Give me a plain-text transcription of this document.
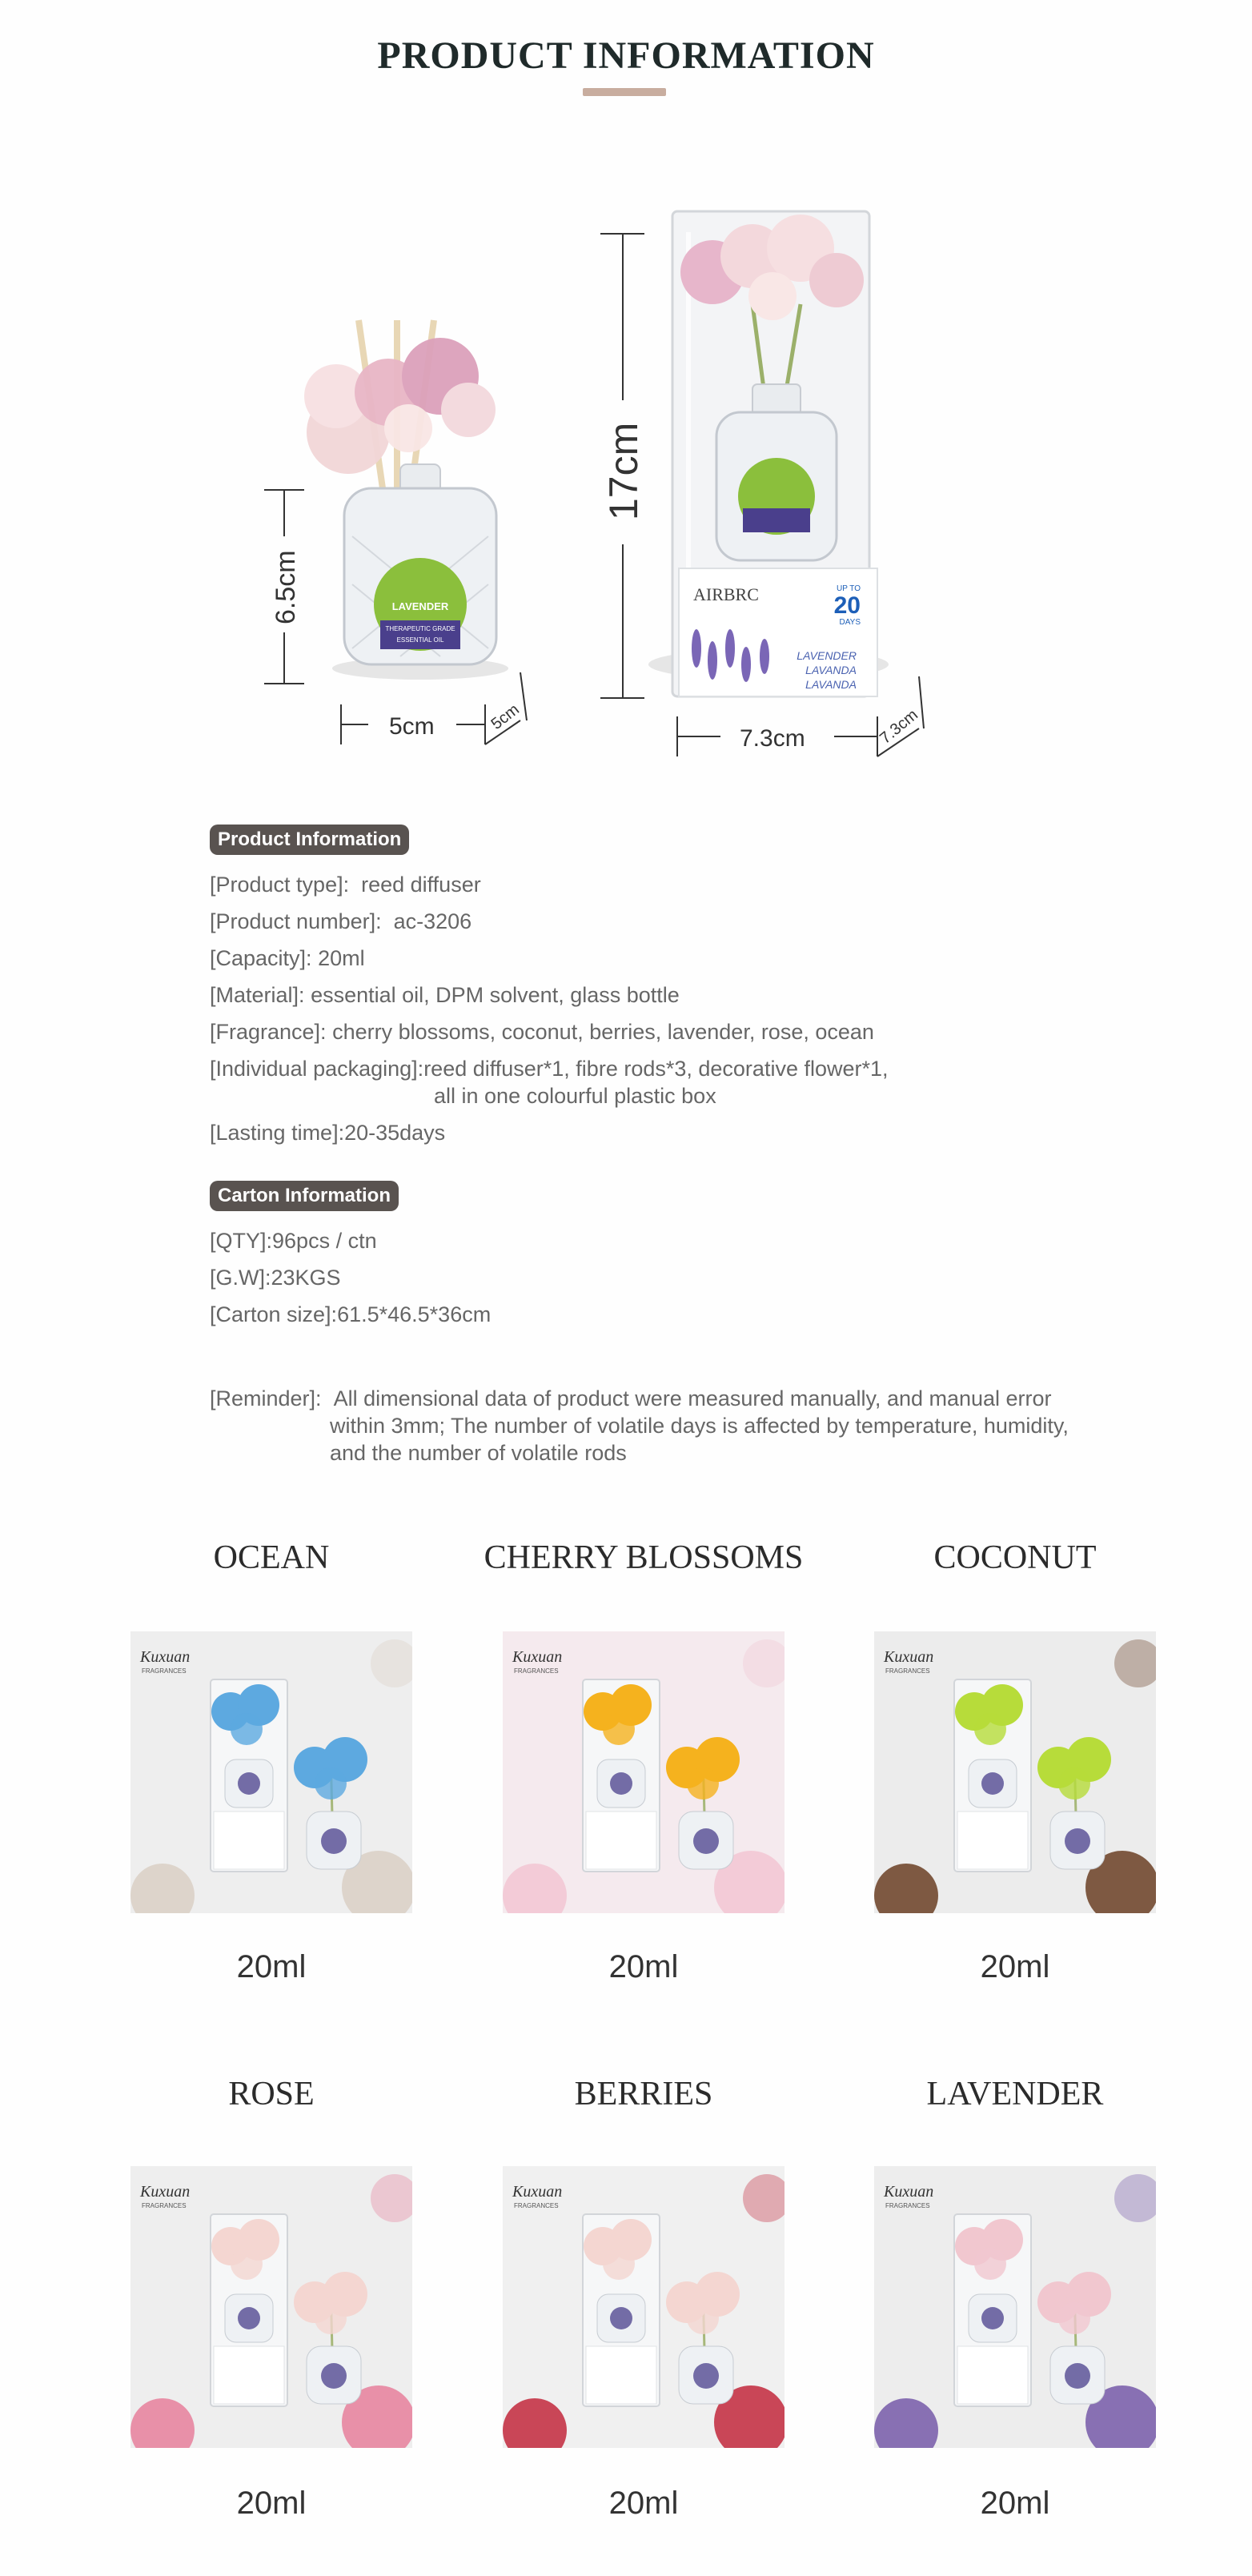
PRODUCT INFORMATION
LAVENDER
THERAPEUTIC GRADE
ESSENTIAL OIL
6.5cm
5cm	5cm
17cm
AIRBRC	UP TO
20
DAYS
LAVENDER
LAVANDA
LAVANDA
7.3cm	7.3cm
Product Information
[Product type]: reed diffuser
[Product number]: ac-3206
[Capacity]: 20ml
[Material]: essential oil, DPM solvent, glass bottle
[Fragrance]: cherry blossoms, coconut, berries, lavender, rose, ocean
[Individual packaging]:reed diffuser*1, fibre rods*3, decorative flower*1,
all in one colourful plastic box
[Lasting time]:20-35days
Carton Information
[QTY]:96pcs / ctn
[G.W]:23KGS
[Carton size]:61.5*46.5*36cm
[Reminder]: All dimensional data of product were measured manually, and manual error
within 3mm; The number of volatile days is affected by temperature, humidity,
and the number of volatile rods
OCEAN
Kuxuan
FRAGRANCES
20ml
CHERRY BLOSSOMS
Kuxuan
FRAGRANCES
20ml
COCONUT
Kuxuan
FRAGRANCES
20ml
ROSE
Kuxuan
FRAGRANCES
20ml
BERRIES
Kuxuan
FRAGRANCES
20ml
LAVENDER
Kuxuan
FRAGRANCES
20ml
